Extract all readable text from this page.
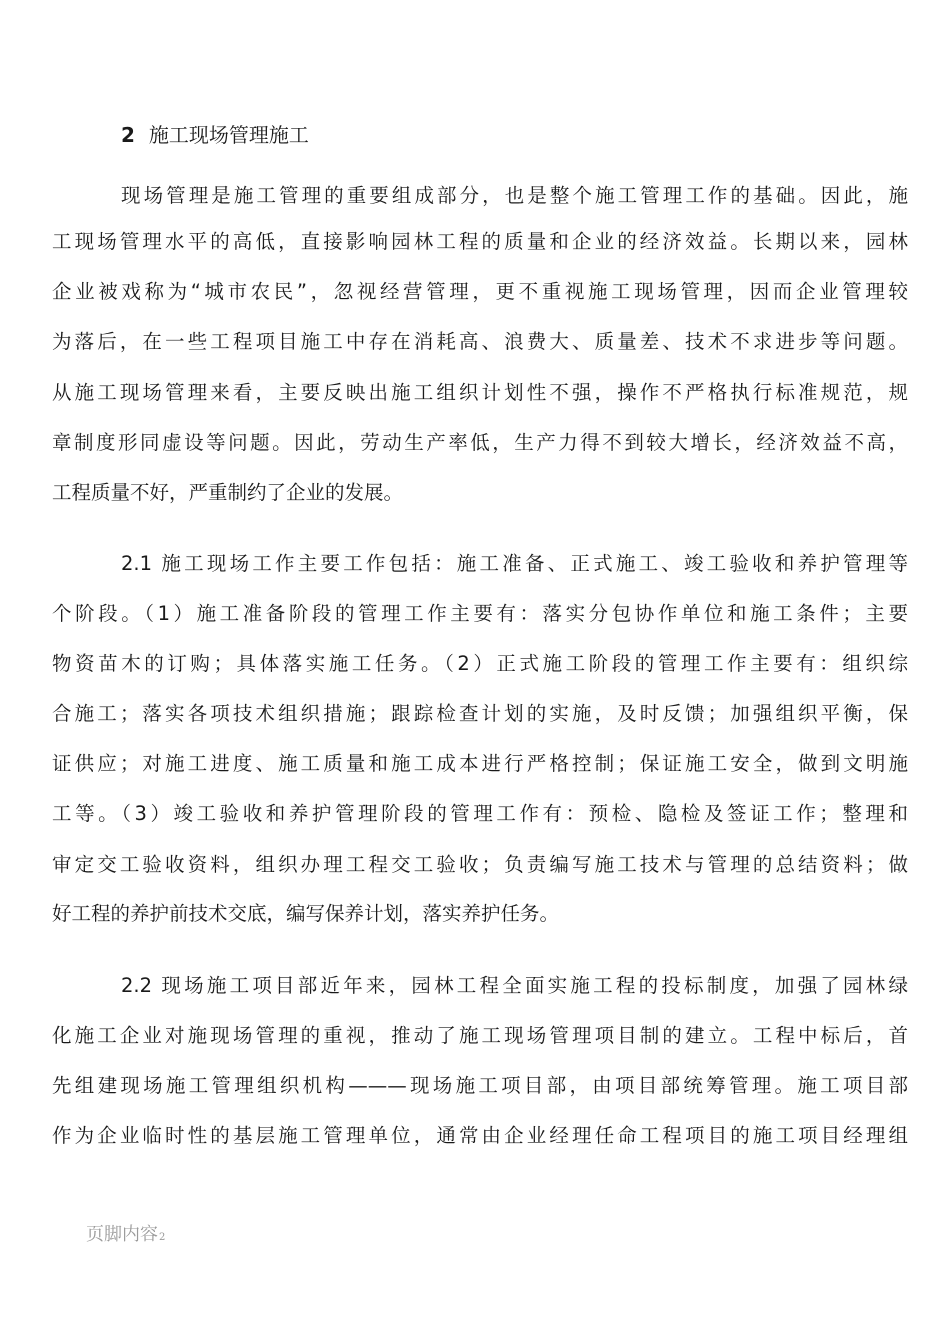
2 施工现场管理施工
现场管理是施工管理的重要组成部分，也是整个施工管理工作的基础。因此，施
工现场管理水平的高低，直接影响园林工程的质量和企业的经济效益。长期以来，园林
企业被戏称为“城市农民”，忽视经营管理，更不重视施工现场管理，因而企业管理较
为落后，在一些工程项目施工中存在消耗高、浪费大、质量差、技术不求进步等问题。
从施工现场管理来看，主要反映出施工组织计划性不强，操作不严格执行标准规范，规
章制度形同虚设等问题。因此，劳动生产率低，生产力得不到较大增长，经济效益不高，
工程质量不好，严重制约了企业的发展。
2.1 施工现场工作主要工作包括：施工准备、正式施工、竣工验收和养护管理等
个阶段。（1）施工准备阶段的管理工作主要有：落实分包协作单位和施工条件；主要
物资苗木的订购；具体落实施工任务。（2）正式施工阶段的管理工作主要有：组织综
合施工；落实各项技术组织措施；跟踪检查计划的实施，及时反馈；加强组织平衡，保
证供应；对施工进度、施工质量和施工成本进行严格控制；保证施工安全，做到文明施
工等。（3）竣工验收和养护管理阶段的管理工作有：预检、隐检及签证工作；整理和
审定交工验收资料，组织办理工程交工验收；负责编写施工技术与管理的总结资料；做
好工程的养护前技术交底，编写保养计划，落实养护任务。
2.2 现场施工项目部近年来，园林工程全面实施工程的投标制度，加强了园林绿
化施工企业对施现场管理的重视，推动了施工现场管理项目制的建立。工程中标后，首
先组建现场施工管理组织机构———现场施工项目部，由项目部统筹管理。施工项目部
作为企业临时性的基层施工管理单位，通常由企业经理任命工程项目的施工项目经理组
页脚内容2
